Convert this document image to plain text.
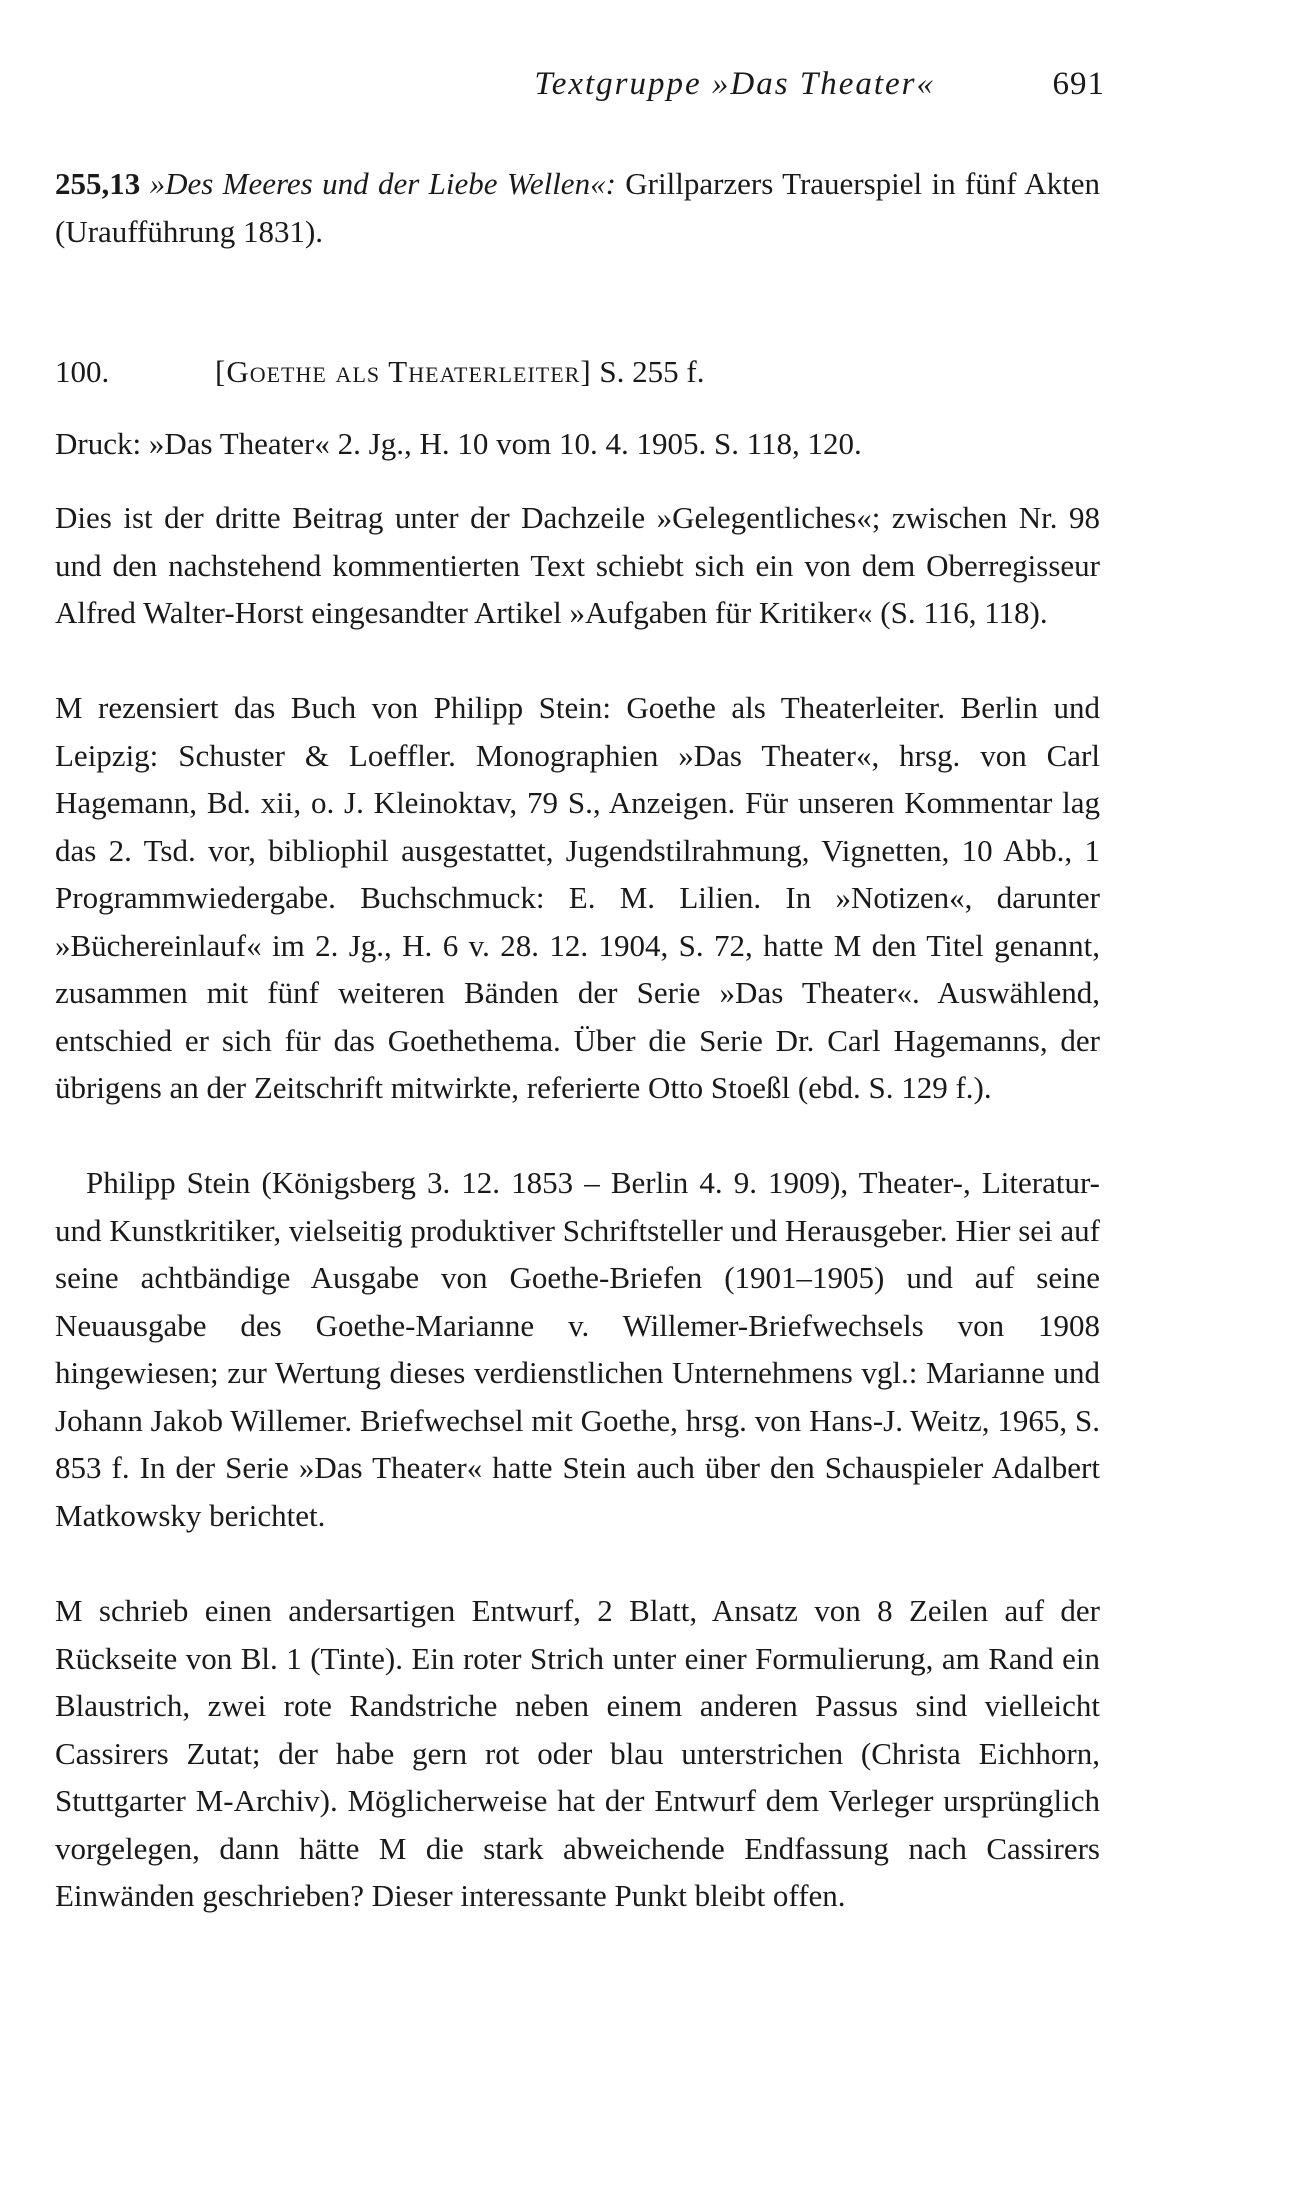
Textgruppe »Das Theater«	691

255,13 »Des Meeres und der Liebe Wellen«: Grillparzers Trauerspiel in fünf Akten (Uraufführung 1831).

100.	[Goethe als Theaterleiter] S. 255 f.

Druck: »Das Theater« 2. Jg., H. 10 vom 10. 4. 1905. S. 118, 120.

Dies ist der dritte Beitrag unter der Dachzeile »Gelegentliches«; zwischen Nr. 98 und den nachstehend kommentierten Text schiebt sich ein von dem Oberregisseur Alfred Walter-Horst eingesandter Artikel »Aufgaben für Kritiker« (S. 116, 118).

M rezensiert das Buch von Philipp Stein: Goethe als Theaterleiter. Berlin und Leipzig: Schuster & Loeffler. Monographien »Das Theater«, hrsg. von Carl Hagemann, Bd. xii, o. J. Kleinoktav, 79 S., Anzeigen. Für unseren Kommentar lag das 2. Tsd. vor, bibliophil ausgestattet, Jugendstilrahmung, Vignetten, 10 Abb., 1 Programmwiedergabe. Buchschmuck: E. M. Lilien. In »Notizen«, darunter »Büchereinlauf« im 2. Jg., H. 6 v. 28. 12. 1904, S. 72, hatte M den Titel genannt, zusammen mit fünf weiteren Bänden der Serie »Das Theater«. Auswählend, entschied er sich für das Goethethema. Über die Serie Dr. Carl Hagemanns, der übrigens an der Zeitschrift mitwirkte, referierte Otto Stoeßl (ebd. S. 129 f.).

Philipp Stein (Königsberg 3. 12. 1853 – Berlin 4. 9. 1909), Theater-, Literatur- und Kunstkritiker, vielseitig produktiver Schriftsteller und Herausgeber. Hier sei auf seine achtbändige Ausgabe von Goethe-Briefen (1901–1905) und auf seine Neuausgabe des Goethe-Marianne v. Willemer-Briefwechsels von 1908 hingewiesen; zur Wertung dieses verdienstlichen Unternehmens vgl.: Marianne und Johann Jakob Willemer. Briefwechsel mit Goethe, hrsg. von Hans-J. Weitz, 1965, S. 853 f. In der Serie »Das Theater« hatte Stein auch über den Schauspieler Adalbert Matkowsky berichtet.

M schrieb einen andersartigen Entwurf, 2 Blatt, Ansatz von 8 Zeilen auf der Rückseite von Bl. 1 (Tinte). Ein roter Strich unter einer Formulierung, am Rand ein Blaustrich, zwei rote Randstriche neben einem anderen Passus sind vielleicht Cassirers Zutat; der habe gern rot oder blau unterstrichen (Christa Eichhorn, Stuttgarter M-Archiv). Möglicherweise hat der Entwurf dem Verleger ursprünglich vorgelegen, dann hätte M die stark abweichende Endfassung nach Cassirers Einwänden geschrieben? Dieser interessante Punkt bleibt offen.
